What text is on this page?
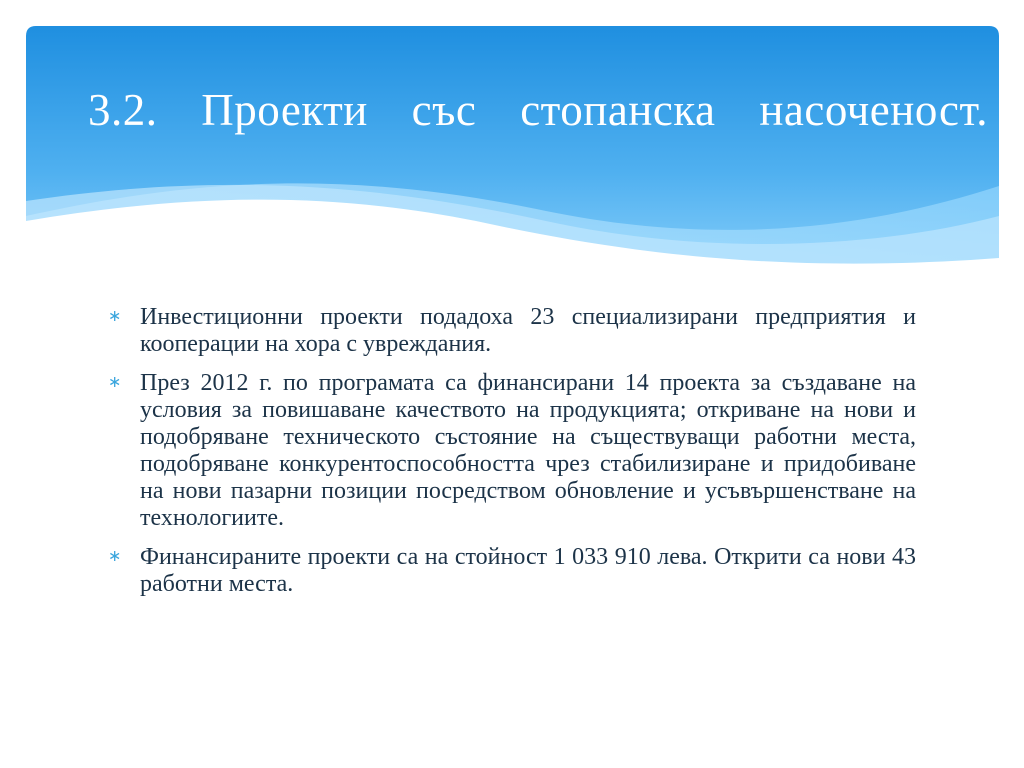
3.2.   Проекти   със   стопанска   насоченост.
∗ Инвестиционни проекти подадоха 23 специализирани предприятия и кооперации на хора с увреждания.
∗ През 2012 г. по програмата са финансирани 14 проекта за създаване на условия за повишаване качеството на продукцията; откриване на нови и подобряване техническото състояние на съществуващи работни места, подобряване конкурентоспособността чрез стабилизиране и придобиване на нови пазарни позиции посредством обновление и усъвършенстване на технологиите.
∗ Финансираните проекти са на стойност 1 033 910 лева. Открити са нови 43 работни места.
